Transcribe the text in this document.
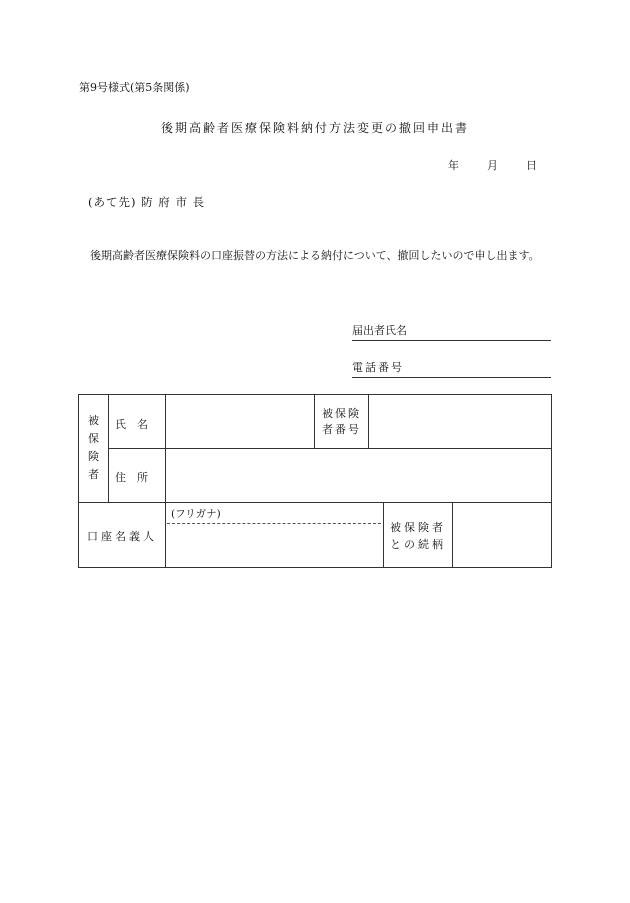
第9号様式(第5条関係)
後期高齢者医療保険料納付方法変更の撤回申出書
年	月	日
(あて先) 防 府 市 長
後期高齢者医療保険料の口座振替の方法による納付について、撤回したいので申し出ます。
届出者氏名
電話番号
被
保
険
者
氏　名
被保険
者番号
住　所
口座名義人
(フリガナ)
被保険者
との続柄
